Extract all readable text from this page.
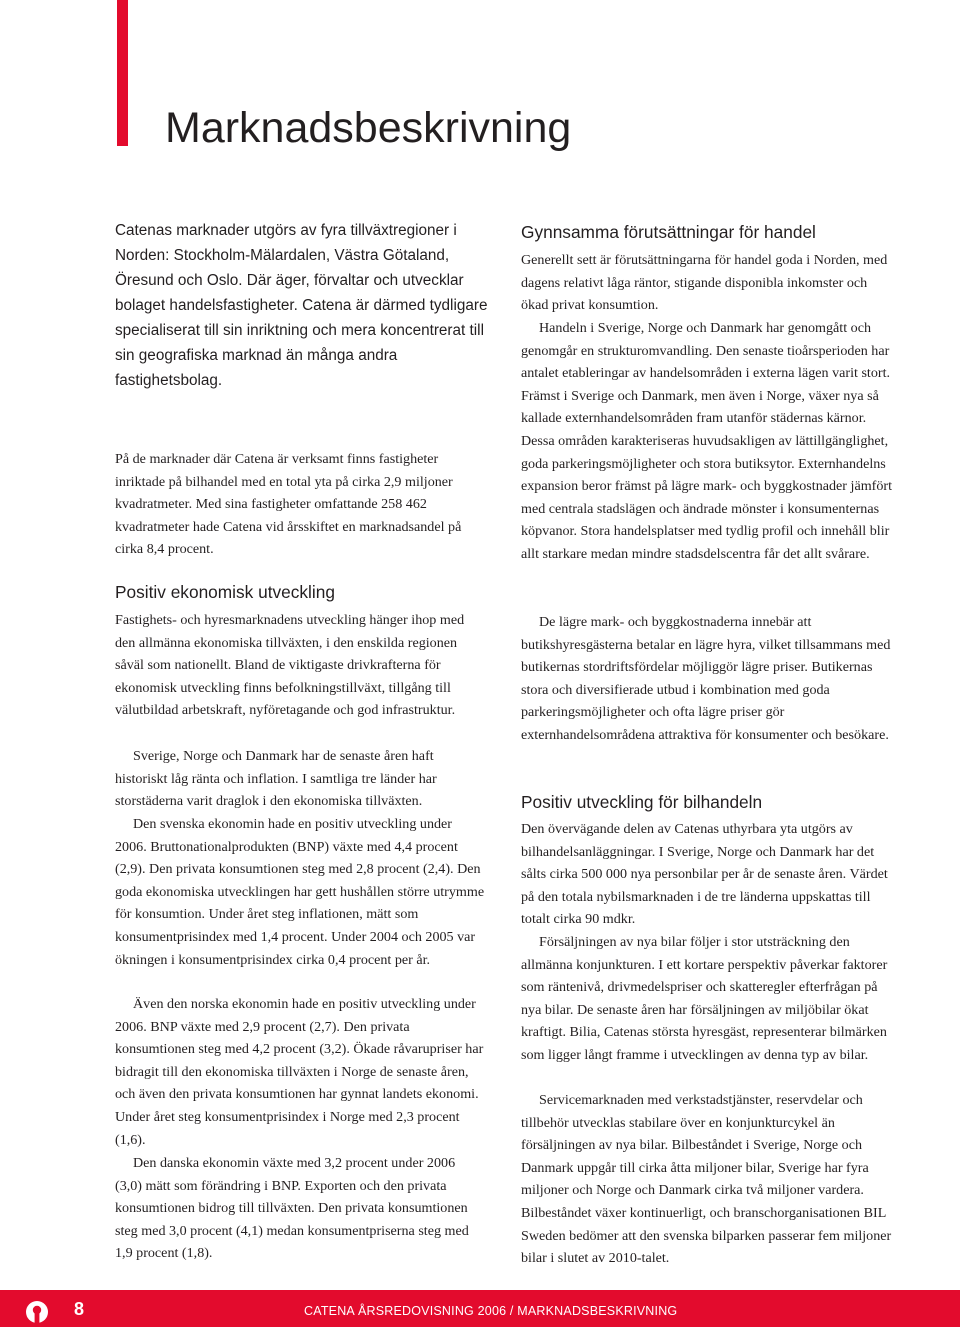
Marknadsbeskrivning

Catenas marknader utgörs av fyra tillväxtregioner i Norden: Stockholm-Mälardalen, Västra Götaland, Öresund och Oslo. Där äger, förvaltar och utvecklar bolaget handelsfastigheter. Catena är därmed tydligare specialiserat till sin inriktning och mera koncentrerat till sin geografiska marknad än många andra fastighetsbolag.

På de marknader där Catena är verksamt finns fastigheter inriktade på bilhandel med en total yta på cirka 2,9 miljoner kvadratmeter. Med sina fastigheter omfattande 258 462 kvadratmeter hade Catena vid årsskiftet en marknadsandel på cirka 8,4 procent.

Positiv ekonomisk utveckling

Fastighets- och hyresmarknadens utveckling hänger ihop med den allmänna ekonomiska tillväxten, i den enskilda regionen såväl som nationellt. Bland de viktigaste drivkrafterna för ekonomisk utveckling finns befolkningstillväxt, tillgång till välutbildad arbetskraft, nyföretagande och god infrastruktur.

Sverige, Norge och Danmark har de senaste åren haft historiskt låg ränta och inflation. I samtliga tre länder har storstäderna varit draglok i den ekonomiska tillväxten.

Den svenska ekonomin hade en positiv utveckling under 2006. Bruttonationalprodukten (BNP) växte med 4,4 procent (2,9). Den privata konsumtionen steg med 2,8 procent (2,4). Den goda ekonomiska utvecklingen har gett hushållen större utrymme för konsumtion. Under året steg inflationen, mätt som konsumentprisindex med 1,4 procent. Under 2004 och 2005 var ökningen i konsumentprisindex cirka 0,4 procent per år.

Även den norska ekonomin hade en positiv utveckling under 2006. BNP växte med 2,9 procent (2,7). Den privata konsumtionen steg med 4,2 procent (3,2). Ökade råvarupriser har bidragit till den ekonomiska tillväxten i Norge de senaste åren, och även den privata konsumtionen har gynnat landets ekonomi. Under året steg konsumentprisindex i Norge med 2,3 procent (1,6).

Den danska ekonomin växte med 3,2 procent under 2006 (3,0) mätt som förändring i BNP. Exporten och den privata konsumtionen bidrog till tillväxten. Den privata konsumtionen steg med 3,0 procent (4,1) medan konsumentpriserna steg med 1,9 procent (1,8).

Gynnsamma förutsättningar för handel

Generellt sett är förutsättningarna för handel goda i Norden, med dagens relativt låga räntor, stigande disponibla inkomster och ökad privat konsumtion.

Handeln i Sverige, Norge och Danmark har genomgått och genomgår en strukturomvandling. Den senaste tioårsperioden har antalet etableringar av handelsområden i externa lägen varit stort. Främst i Sverige och Danmark, men även i Norge, växer nya så kallade externhandelsområden fram utanför städernas kärnor. Dessa områden karakteriseras huvudsakligen av lättillgänglighet, goda parkeringsmöjligheter och stora butiksytor. Externhandelns expansion beror främst på lägre mark- och byggkostnader jämfört med centrala stadslägen och ändrade mönster i konsumenternas köpvanor. Stora handelsplatser med tydlig profil och innehåll blir allt starkare medan mindre stadsdelscentra får det allt svårare.

De lägre mark- och byggkostnaderna innebär att butikshyresgästerna betalar en lägre hyra, vilket tillsammans med butikernas stordriftsfördelar möjliggör lägre priser. Butikernas stora och diversifierade utbud i kombination med goda parkeringsmöjligheter och ofta lägre priser gör externhandelsområdena attraktiva för konsumenter och besökare.

Positiv utveckling för bilhandeln

Den övervägande delen av Catenas uthyrbara yta utgörs av bilhandelsanläggningar. I Sverige, Norge och Danmark har det sålts cirka 500 000 nya personbilar per år de senaste åren. Värdet på den totala nybilsmarknaden i de tre länderna uppskattas till totalt cirka 90 mdkr.

Försäljningen av nya bilar följer i stor utsträckning den allmänna konjunkturen. I ett kortare perspektiv påverkar faktorer som räntenivå, drivmedelspriser och skatteregler efterfrågan på nya bilar. De senaste åren har försäljningen av miljöbilar ökat kraftigt. Bilia, Catenas största hyresgäst, representerar bilmärken som ligger långt framme i utvecklingen av denna typ av bilar.

Servicemarknaden med verkstadstjänster, reservdelar och tillbehör utvecklas stabilare över en konjunkturcykel än försäljningen av nya bilar. Bilbeståndet i Sverige, Norge och Danmark uppgår till cirka åtta miljoner bilar, Sverige har fyra miljoner och Norge och Danmark cirka två miljoner vardera. Bilbeståndet växer kontinuerligt, och branschorganisationen BIL Sweden bedömer att den svenska bilparken passerar fem miljoner bilar i slutet av 2010-talet.

8	CATENA ÅRSREDOVISNING 2006 / MARKNADSBESKRIVNING
